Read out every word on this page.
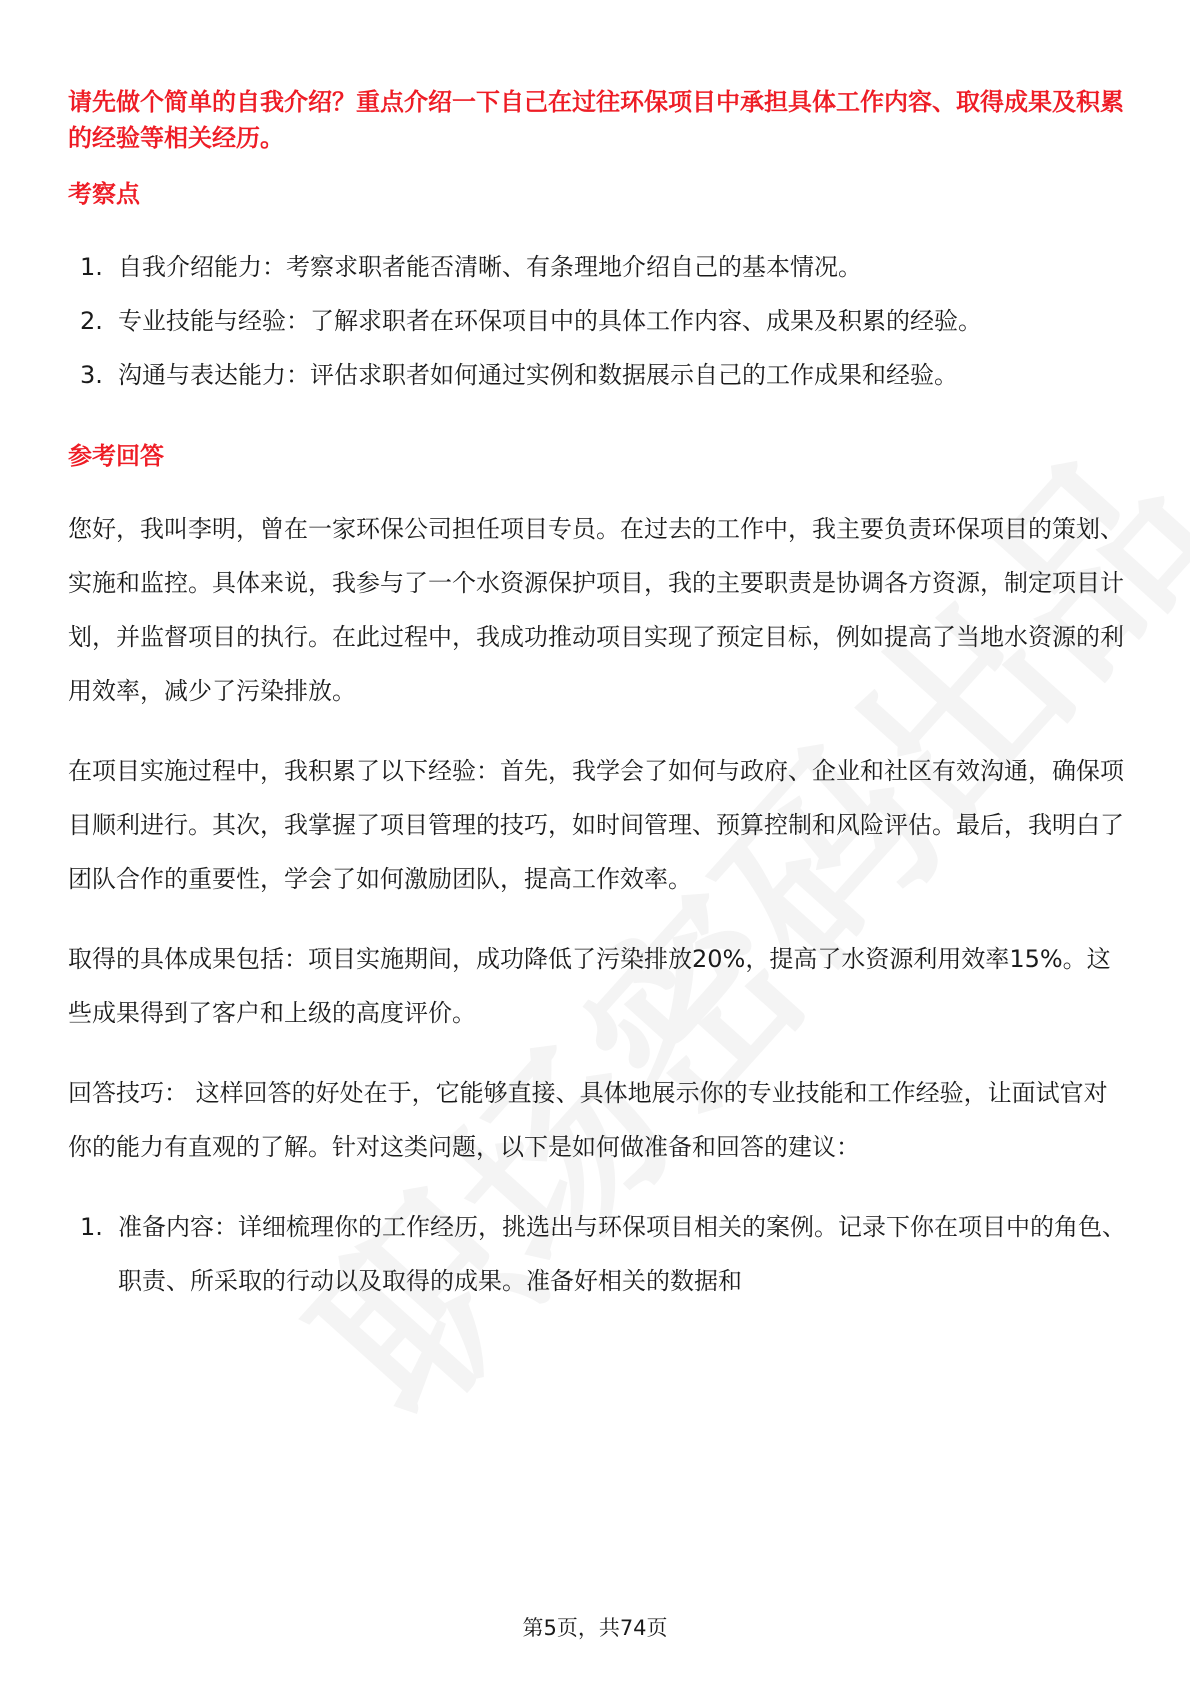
请先做个简单的自我介绍？重点介绍一下自己在过往环保项目中承担具体工作内容、取得成果及积累的经验等相关经历。
考察点
1. 自我介绍能力：考察求职者能否清晰、有条理地介绍自己的基本情况。
2. 专业技能与经验：了解求职者在环保项目中的具体工作内容、成果及积累的经验。
3. 沟通与表达能力：评估求职者如何通过实例和数据展示自己的工作成果和经验。
参考回答

您好，我叫李明，曾在一家环保公司担任项目专员。在过去的工作中，我主要负责环保项目的策划、实施和监控。具体来说，我参与了一个水资源保护项目，我的主要职责是协调各方资源，制定项目计划，并监督项目的执行。在此过程中，我成功推动项目实现了预定目标，例如提高了当地水资源的利用效率，减少了污染排放。

在项目实施过程中，我积累了以下经验：首先，我学会了如何与政府、企业和社区有效沟通，确保项目顺利进行。其次，我掌握了项目管理的技巧，如时间管理、预算控制和风险评估。最后，我明白了团队合作的重要性，学会了如何激励团队，提高工作效率。

取得的具体成果包括：项目实施期间，成功降低了污染排放20%，提高了水资源利用效率15%。这些成果得到了客户和上级的高度评价。

回答技巧： 这样回答的好处在于，它能够直接、具体地展示你的专业技能和工作经验，让面试官对你的能力有直观的了解。针对这类问题，以下是如何做准备和回答的建议：

1. 准备内容：详细梳理你的工作经历，挑选出与环保项目相关的案例。记录下你在项目中的角色、职责、所采取的行动以及取得的成果。准备好相关的数据和
第5页，共74页
